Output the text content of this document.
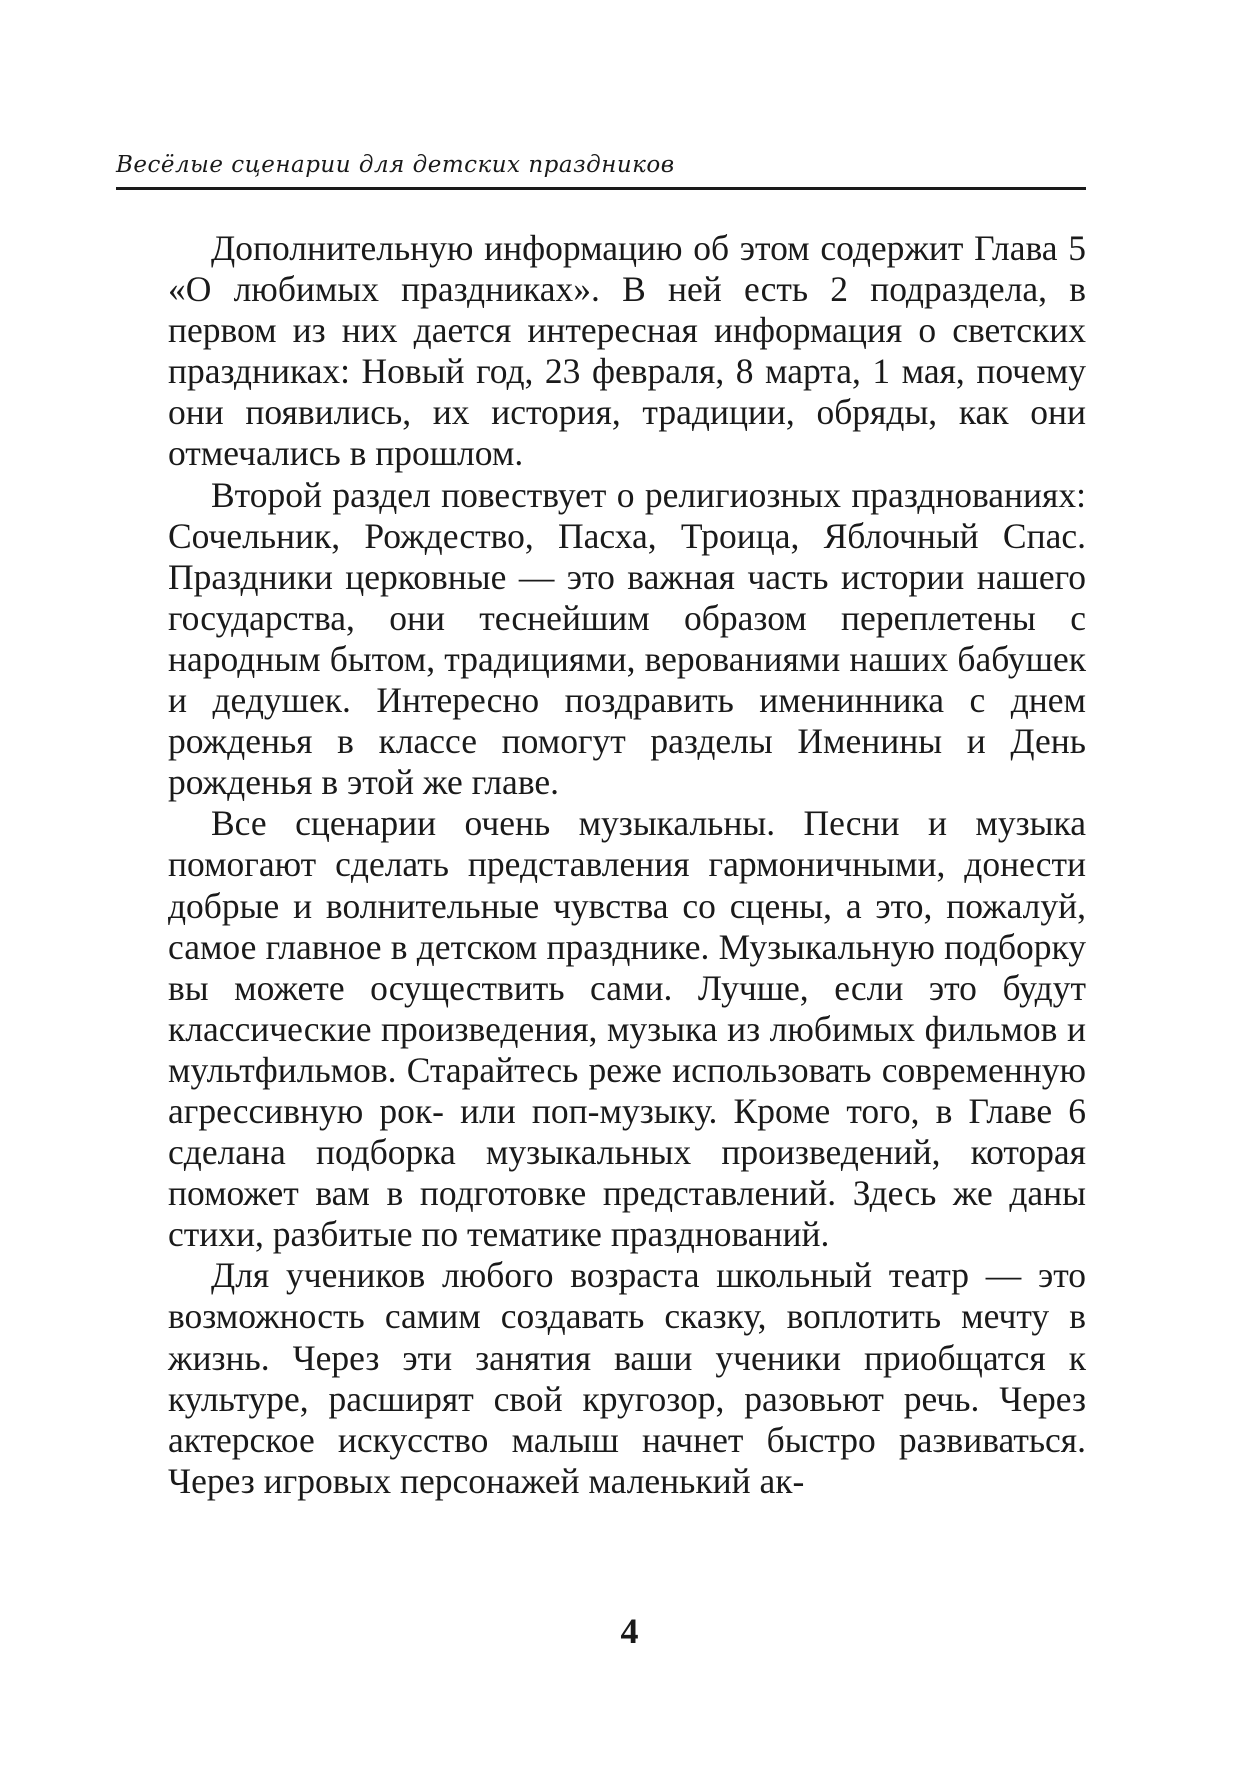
Весёлые сценарии для детских праздников

Дополнительную информацию об этом содержит Глава 5 «О любимых праздниках». В ней есть 2 подраздела, в первом из них дается интересная информация о светских праздниках: Новый год, 23 февраля, 8 марта, 1 мая, почему они появились, их история, традиции, обряды, как они отмечались в прошлом.

Второй раздел повествует о религиозных празднованиях: Сочельник, Рождество, Пасха, Троица, Яблочный Спас. Праздники церковные — это важная часть истории нашего государства, они теснейшим образом переплетены с народным бытом, традициями, верованиями наших бабушек и дедушек. Интересно поздравить именинника с днем рожденья в классе помогут разделы Именины и День рожденья в этой же главе.

Все сценарии очень музыкальны. Песни и музыка помогают сделать представления гармоничными, донести добрые и волнительные чувства со сцены, а это, пожалуй, самое главное в детском празднике. Музыкальную подборку вы можете осуществить сами. Лучше, если это будут классические произведения, музыка из любимых фильмов и мультфильмов. Старайтесь реже использовать современную агрессивную рок- или поп-музыку. Кроме того, в Главе 6 сделана подборка музыкальных произведений, которая поможет вам в подготовке представлений. Здесь же даны стихи, разбитые по тематике празднований.

Для учеников любого возраста школьный театр — это возможность самим создавать сказку, воплотить мечту в жизнь. Через эти занятия ваши ученики приобщатся к культуре, расширят свой кругозор, разовьют речь. Через актерское искусство малыш начнет быстро развиваться. Через игровых персонажей маленький ак-

4
